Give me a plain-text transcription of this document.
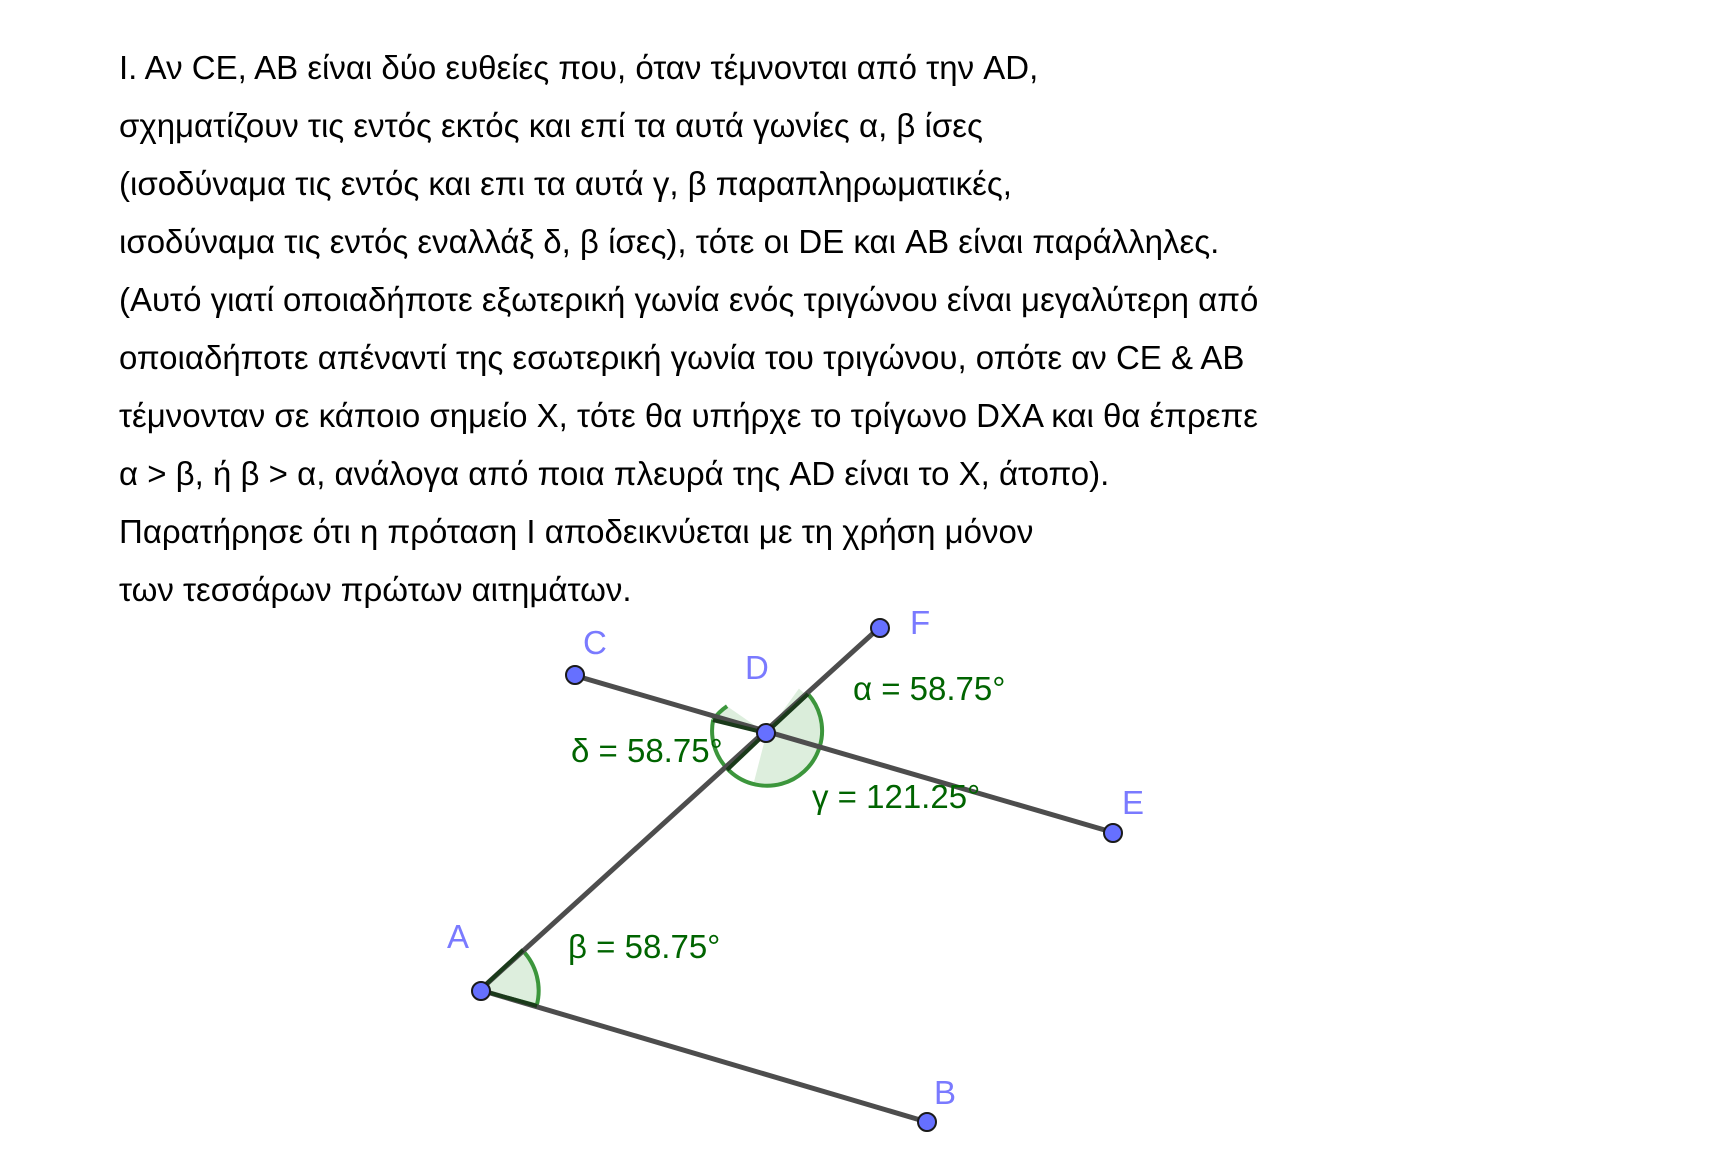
Ι. Αν CE, AB είναι δύο ευθείες που, όταν τέμνονται από την AD,
σχηματίζουν τις εντός εκτός και επί τα αυτά γωνίες α, β ίσες
(ισοδύναμα τις εντός και επι τα αυτά γ, β παραπληρωματικές,
ισοδύναμα τις εντός εναλλάξ δ, β ίσες), τότε οι DE και AB είναι παράλληλες.
(Αυτό γιατί οποιαδήποτε εξωτερική γωνία ενός τριγώνου είναι μεγαλύτερη από
οποιαδήποτε απέναντί της εσωτερική γωνία του τριγώνου, οπότε αν CE & AB
τέμνονταν σε κάποιο σημείο X, τότε θα υπήρχε το τρίγωνο DXA και θα έπρεπε
α > β, ή β > α, ανάλογα από ποια πλευρά της AD είναι το X, άτοπο).
Παρατήρησε ότι η πρόταση Ι αποδεικνύεται με τη χρήση μόνον
των τεσσάρων πρώτων αιτημάτων.
C
F
D
E
A
B
α = 58.75°
δ = 58.75°
γ = 121.25°
β = 58.75°
